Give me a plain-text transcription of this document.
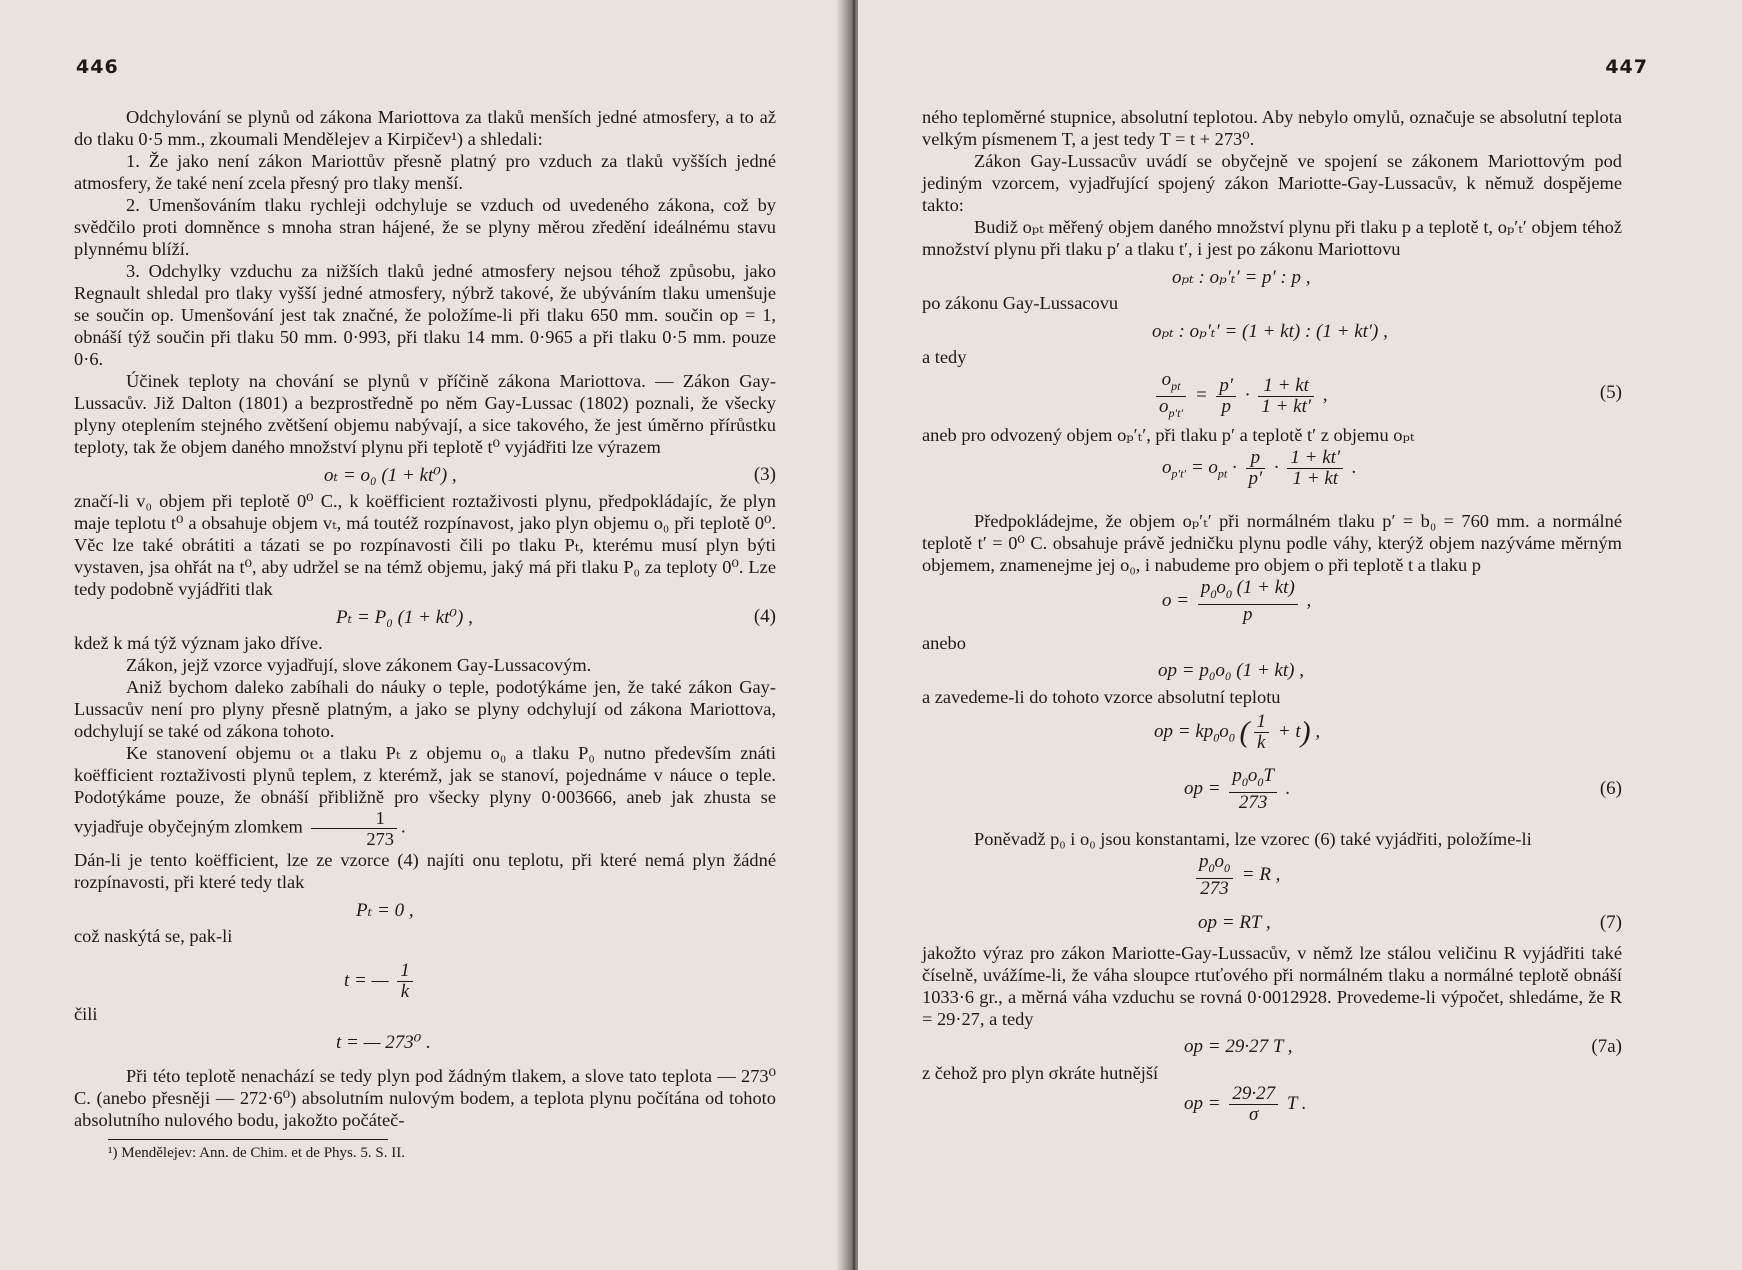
446

Odchylování se plynů od zákona Mariottova za tlaků menších jedné atmosfery, a to až do tlaku 0·5 mm., zkoumali Mendělejev a Kirpičev¹) a shledali:

1. Že jako není zákon Mariottův přesně platný pro vzduch za tlaků vyšších jedné atmosfery, že také není zcela přesný pro tlaky menší.

2. Umenšováním tlaku rychleji odchyluje se vzduch od uvedeného zákona, což by svědčilo proti domněnce s mnoha stran hájené, že se plyny měrou zředění ideálnému stavu plynnému blíží.

3. Odchylky vzduchu za nižších tlaků jedné atmosfery nejsou téhož způsobu, jako Regnault shledal pro tlaky vyšší jedné atmosfery, nýbrž takové, že ubýváním tlaku umenšuje se součin op. Umenšování jest tak značné, že položíme-li při tlaku 650 mm. součin op = 1, obnáší týž součin při tlaku 50 mm. 0·993, při tlaku 14 mm. 0·965 a při tlaku 0·5 mm. pouze 0·6.

Účinek teploty na chování se plynů v příčině zákona Mariottova. — Zákon Gay-Lussacův. Již Dalton (1801) a bezprostředně po něm Gay-Lussac (1802) poznali, že všecky plyny oteplením stejného zvětšení objemu nabývají, a sice takového, že jest úměrno přírůstku teploty, tak že objem daného množství plynu při teplotě t⁰ vyjádřiti lze výrazem

oₜ = o₀ (1 + kt⁰) ,	(3)

značí-li v₀ objem při teplotě 0⁰ C., k koëfficient roztaživosti plynu, předpokládajíc, že plyn maje teplotu t⁰ a obsahuje objem vₜ, má toutéž rozpínavost, jako plyn objemu o₀ při teplotě 0⁰. Věc lze také obrátiti a tázati se po rozpínavosti čili po tlaku Pₜ, kterému musí plyn býti vystaven, jsa ohřát na t⁰, aby udržel se na témž objemu, jaký má při tlaku P₀ za teploty 0⁰. Lze tedy podobně vyjádřiti tlak

Pₜ = P₀ (1 + kt⁰) ,	(4)

kdež k má týž význam jako dříve.

Zákon, jejž vzorce vyjadřují, slove zákonem Gay-Lussacovým.

Aniž bychom daleko zabíhali do náuky o teple, podotýkáme jen, že také zákon Gay-Lussacův není pro plyny přesně platným, a jako se plyny odchylují od zákona Mariottova, odchylují se také od zákona tohoto.

Ke stanovení objemu oₜ a tlaku Pₜ z objemu o₀ a tlaku P₀ nutno především znáti koëfficient roztaživosti plynů teplem, z kterémž, jak se stanoví, pojednáme v náuce o teple. Podotýkáme pouze, že obnáší přibližně pro všecky plyny 0·003666, aneb jak zhusta se vyjadřuje obyčejným zlomkem $\frac{1}{273}$ .

Dán-li je tento koëfficient, lze ze vzorce (4) najíti onu teplotu, při které nemá plyn žádné rozpínavosti, při které tedy tlak

Pₜ = 0 ,

což naskýtá se, pak-li

t = — $\frac{1}{k}$

čili

t = — 273⁰ .

Při této teplotě nenachází se tedy plyn pod žádným tlakem, a slove tato teplota — 273⁰ C. (anebo přesněji — 272·6⁰) absolutním nulovým bodem, a teplota plynu počítána od tohoto absolutního nulového bodu, jakožto počáteč-

¹) Mendělejev: Ann. de Chim. et de Phys. 5. S. II.
447

ného teploměrné stupnice, absolutní teplotou. Aby nebylo omylů, označuje se absolutní teplota velkým písmenem T, a jest tedy T = t + 273⁰.

Zákon Gay-Lussacův uvádí se obyčejně ve spojení se zákonem Mariottovým pod jediným vzorcem, vyjadřující spojený zákon Mariotte-Gay-Lussacův, k němuž dospějeme takto:

Budiž oₚₜ měřený objem daného množství plynu při tlaku p a teplotě t, oₚ′ₜ′ objem téhož množství plynu při tlaku p′ a tlaku t′, i jest po zákonu Mariottovu

oₚₜ : oₚ′ₜ′ = p′ : p ,

po zákonu Gay-Lussacovu

oₚₜ : oₚ′ₜ′ = (1 + kt) : (1 + kt′) ,

a tedy

$\frac{o_{pt}}{o_{p't'}} = \frac{p'}{p} \cdot \frac{1 + kt}{1 + kt'}$ ,	(5)

aneb pro odvozený objem oₚ′ₜ′, při tlaku p′ a teplotě t′ z objemu oₚₜ

$o_{p't'} = o_{pt} \cdot \frac{p}{p'} \cdot \frac{1 + kt'}{1 + kt}$ .

Předpokládejme, že objem oₚ′ₜ′ při normálném tlaku p′ = b₀ = 760 mm. a normálné teplotě t′ = 0⁰ C. obsahuje právě jedničku plynu podle váhy, kterýž objem nazýváme měrným objemem, znamenejme jej o₀, i nabudeme pro objem o při teplotě t a tlaku p

$o = \frac{p_0o_0 (1 + kt)}{p}$ ,

anebo

op = p₀o₀ (1 + kt) ,

a zavedeme-li do tohoto vzorce absolutní teplotu

op = $kp_0o_0$ ( $\frac{1}{k} + t$) ,
op = $\frac{p_0o_0T}{273}$ .	(6)

Poněvadž p₀ i o₀ jsou konstantami, lze vzorec (6) také vyjádřiti, položíme-li

$\frac{p_0o_0}{273} = R$ ,
op = RT ,	(7)

jakožto výraz pro zákon Mariotte-Gay-Lussacův, v němž lze stálou veličinu R vyjádřiti také číselně, uvážíme-li, že váha sloupce rtuťového při normálném tlaku a normálné teplotě obnáší 1033·6 gr., a měrná váha vzduchu se rovná 0·0012928. Provedeme-li výpočet, shledáme, že R = 29·27, a tedy

op = 29·27 T ,	(7a)

z čehož pro plyn σkráte hutnější

op = $\frac{29\cdot 27}{\sigma}$ T .
